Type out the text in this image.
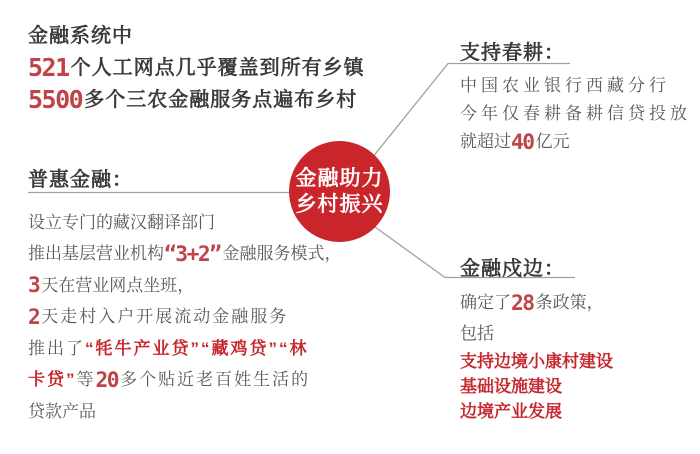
金融系统中
521 个人工网点几乎覆盖到所有乡镇
5500 多个三农金融服务点遍布乡村
普惠金融：
设立专门的藏汉翻译部门
推出基层营业机构“3+2” 金融服务模式，
3 天在营业网点坐班，
2 天走村入户开展流动金融服务
推出了“牦牛产业贷”“藏鸡贷”“林
卡贷”等20 多个贴近老百姓生活的
贷款产品
金融助力
乡村振兴
支持春耕：
中国农业银行西藏分行
今年仅春耕备耕信贷投放
就超过40 亿元
金融戍边：
确定了28 条政策，
包括
支持边境小康村建设
基础设施建设
边境产业发展
